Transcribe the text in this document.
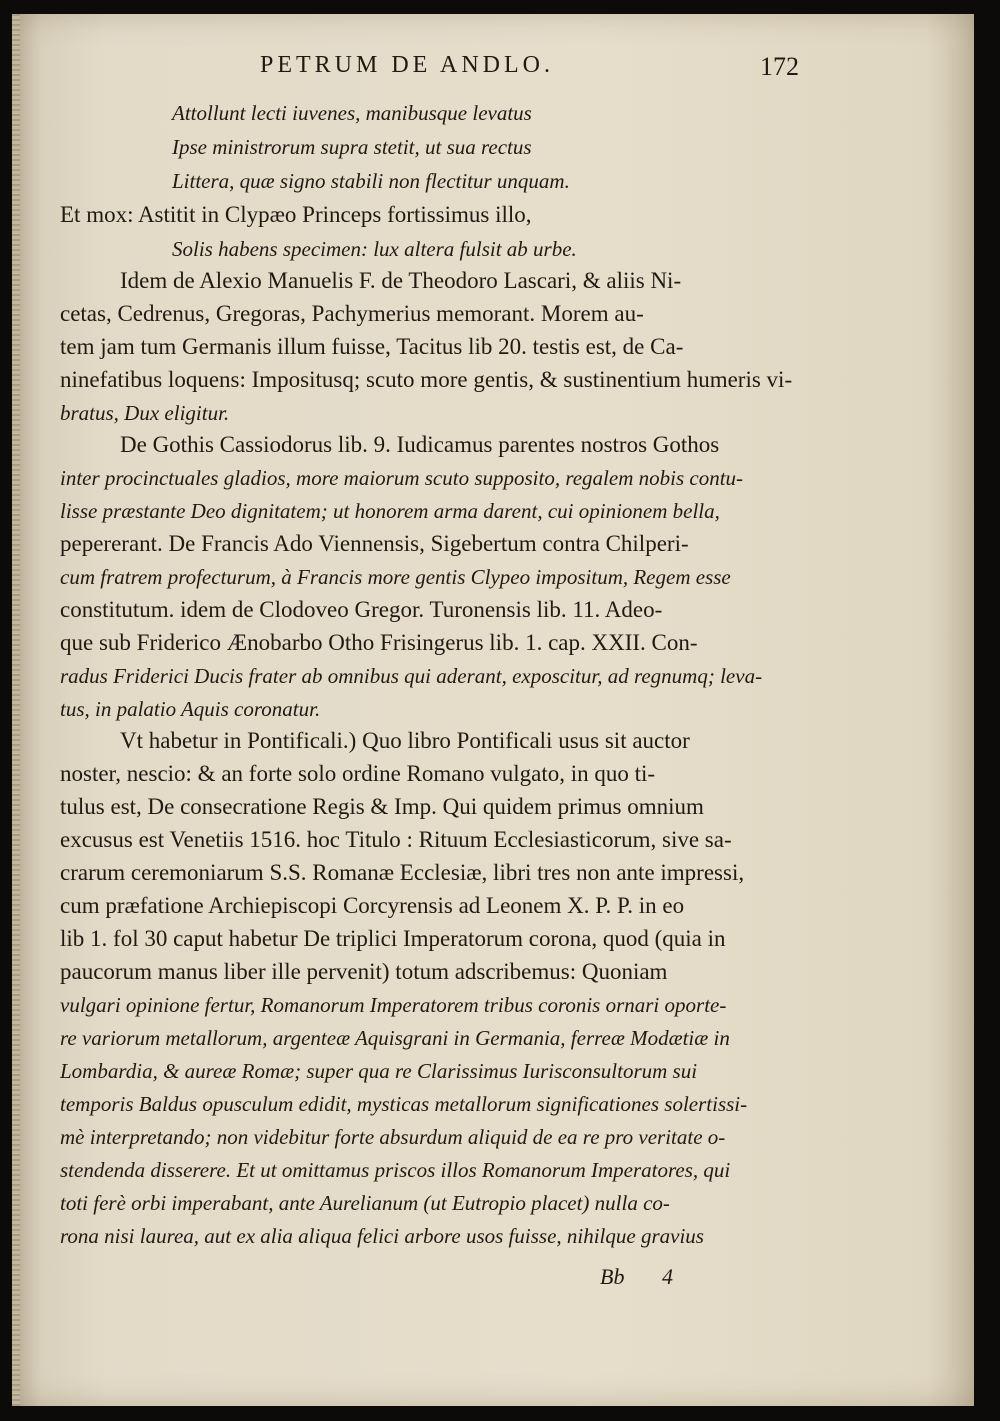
PETRUM DE ANDLO.	172
Attollunt lecti iuvenes, manibusque levatus
Ipse ministrorum supra stetit, ut sua rectus
Littera, quæ signo stabili non flectitur unquam.
Et mox: Astitit in Clypæo Princeps fortissimus illo,
Solis habens specimen: lux altera fulsit ab urbe.
Idem de Alexio Manuelis F. de Theodoro Lascari, & aliis Ni-
cetas, Cedrenus, Gregoras, Pachymerius memorant. Morem au-
tem jam tum Germanis illum fuisse, Tacitus lib 20. testis est, de Ca-
ninefatibus loquens: Impositusq; scuto more gentis, & sustinentium humeris vi-
bratus, Dux eligitur.
De Gothis Cassiodorus lib. 9. Iudicamus parentes nostros Gothos
inter procinctuales gladios, more maiorum scuto supposito, regalem nobis contu-
lisse præstante Deo dignitatem; ut honorem arma darent, cui opinionem bella,
pepererant. De Francis Ado Viennensis, Sigebertum contra Chilperi-
cum fratrem profecturum, à Francis more gentis Clypeo impositum, Regem esse
constitutum. idem de Clodoveo Gregor. Turonensis lib. 11. Adeo-
que sub Friderico Ænobarbo Otho Frisingerus lib. 1. cap. XXII. Con-
radus Friderici Ducis frater ab omnibus qui aderant, exposcitur, ad regnumq; leva-
tus, in palatio Aquis coronatur.
Vt habetur in Pontificali.) Quo libro Pontificali usus sit auctor
noster, nescio: & an forte solo ordine Romano vulgato, in quo ti-
tulus est, De consecratione Regis & Imp. Qui quidem primus omnium
excusus est Venetiis 1516. hoc Titulo : Rituum Ecclesiasticorum, sive sa-
crarum ceremoniarum S.S. Romanæ Ecclesiæ, libri tres non ante impressi,
cum præfatione Archiepiscopi Corcyrensis ad Leonem X. P. P. in eo
lib 1. fol 30 caput habetur De triplici Imperatorum corona, quod (quia in
paucorum manus liber ille pervenit) totum adscribemus: Quoniam
vulgari opinione fertur, Romanorum Imperatorem tribus coronis ornari oporte-
re variorum metallorum, argenteæ Aquisgrani in Germania, ferreæ Modætiæ in
Lombardia, & aureæ Romæ; super qua re Clarissimus Iurisconsultorum sui
temporis Baldus opusculum edidit, mysticas metallorum significationes solertissi-
mè interpretando; non videbitur forte absurdum aliquid de ea re pro veritate o-
stendenda disserere. Et ut omittamus priscos illos Romanorum Imperatores, qui
toti ferè orbi imperabant, ante Aurelianum (ut Eutropio placet) nulla co-
rona nisi laurea, aut ex alia aliqua felici arbore usos fuisse, nihilque gravius
Bb 4
